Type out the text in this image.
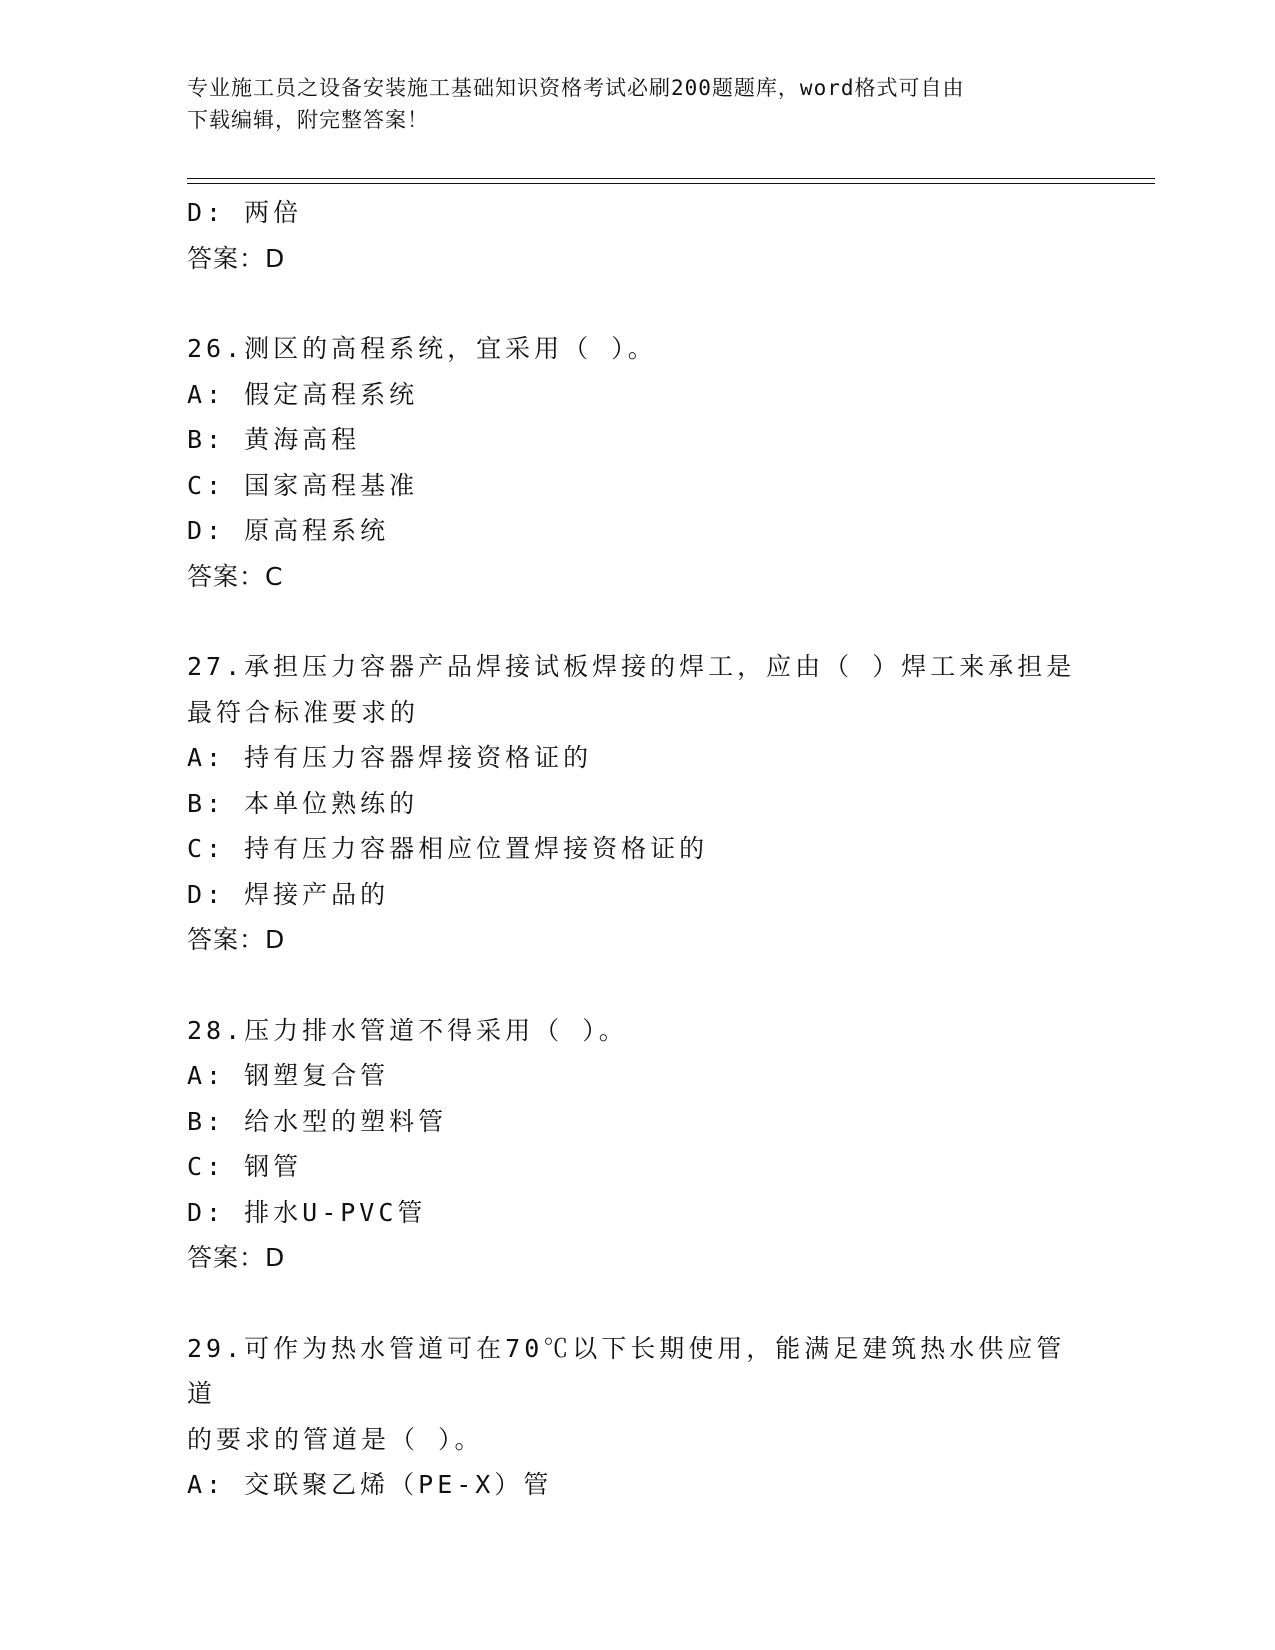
专业施工员之设备安装施工基础知识资格考试必刷200题题库，word格式可自由
下载编辑，附完整答案！
D: 两倍
答案：D
26.测区的高程系统，宜采用（ ）。
A: 假定高程系统
B: 黄海高程
C: 国家高程基准
D: 原高程系统
答案：C
27.承担压力容器产品焊接试板焊接的焊工，应由（ ）焊工来承担是
最符合标准要求的
A: 持有压力容器焊接资格证的
B: 本单位熟练的
C: 持有压力容器相应位置焊接资格证的
D: 焊接产品的
答案：D
28.压力排水管道不得采用（ ）。
A: 钢塑复合管
B: 给水型的塑料管
C: 钢管
D: 排水U-PVC管
答案：D
29.可作为热水管道可在70℃以下长期使用，能满足建筑热水供应管道
的要求的管道是（ ）。
A: 交联聚乙烯（PE-X）管
